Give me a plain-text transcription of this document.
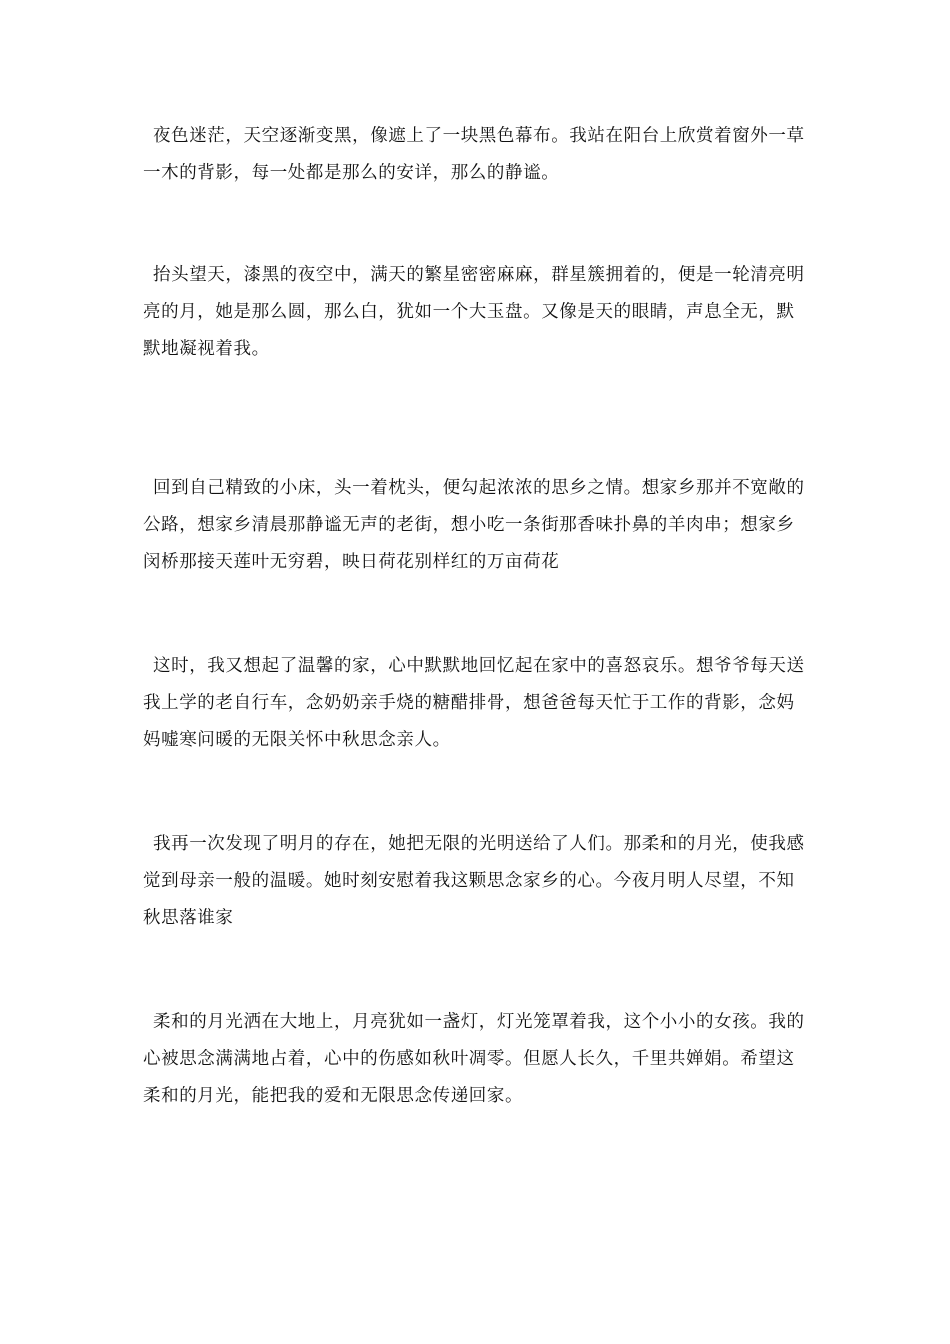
夜色迷茫，天空逐渐变黑，像遮上了一块黑色幕布。我站在阳台上欣赏着窗外一草一木的背影，每一处都是那么的安详，那么的静谧。

抬头望天，漆黑的夜空中，满天的繁星密密麻麻，群星簇拥着的，便是一轮清亮明亮的月，她是那么圆，那么白，犹如一个大玉盘。又像是天的眼睛，声息全无，默默地凝视着我。

回到自己精致的小床，头一着枕头，便勾起浓浓的思乡之情。想家乡那并不宽敞的公路，想家乡清晨那静谧无声的老街，想小吃一条街那香味扑鼻的羊肉串；想家乡闵桥那接天莲叶无穷碧，映日荷花别样红的万亩荷花

这时，我又想起了温馨的家，心中默默地回忆起在家中的喜怒哀乐。想爷爷每天送我上学的老自行车，念奶奶亲手烧的糖醋排骨，想爸爸每天忙于工作的背影，念妈妈嘘寒问暖的无限关怀中秋思念亲人。

我再一次发现了明月的存在，她把无限的光明送给了人们。那柔和的月光，使我感觉到母亲一般的温暖。她时刻安慰着我这颗思念家乡的心。今夜月明人尽望，不知秋思落谁家

柔和的月光洒在大地上，月亮犹如一盏灯，灯光笼罩着我，这个小小的女孩。我的心被思念满满地占着，心中的伤感如秋叶凋零。但愿人长久，千里共婵娟。希望这柔和的月光，能把我的爱和无限思念传递回家。
